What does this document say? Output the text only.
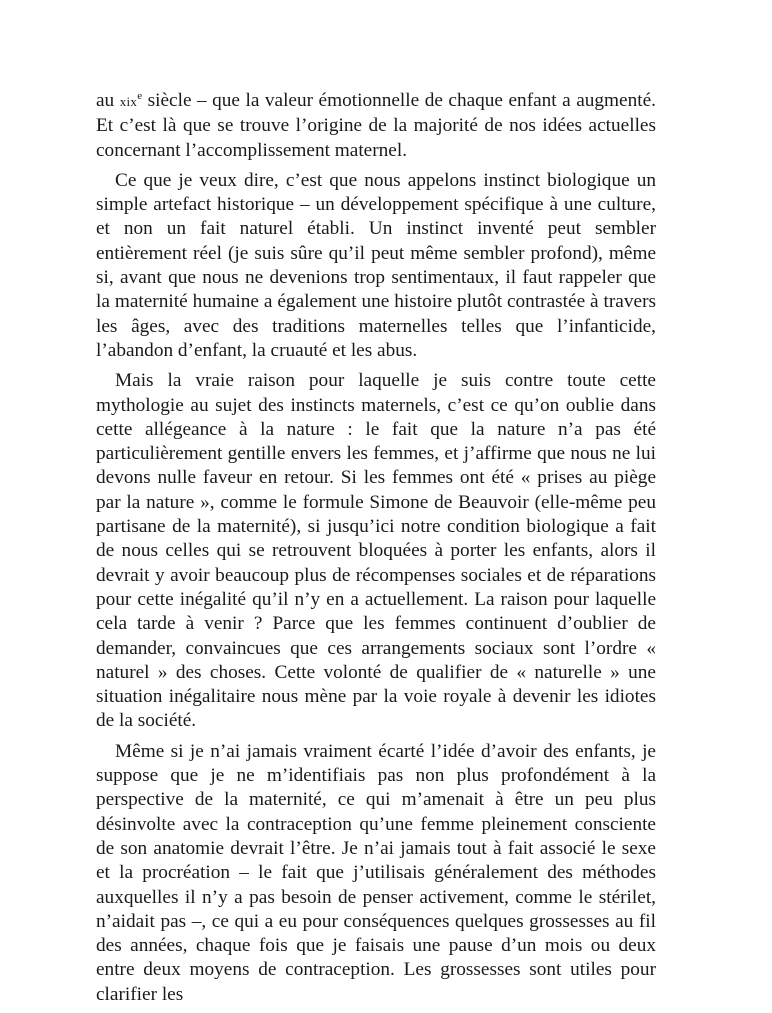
au xix$^e$ siècle – que la valeur émotionnelle de chaque enfant a augmenté. Et c’est là que se trouve l’origine de la majorité de nos idées actuelles concernant l’accomplissement maternel.

Ce que je veux dire, c’est que nous appelons instinct biologique un simple artefact historique – un développement spécifique à une culture, et non un fait naturel établi. Un instinct inventé peut sembler entièrement réel (je suis sûre qu’il peut même sembler profond), même si, avant que nous ne devenions trop sentimentaux, il faut rappeler que la maternité humaine a également une histoire plutôt contrastée à travers les âges, avec des traditions maternelles telles que l’infanticide, l’abandon d’enfant, la cruauté et les abus.

Mais la vraie raison pour laquelle je suis contre toute cette mythologie au sujet des instincts maternels, c’est ce qu’on oublie dans cette allégeance à la nature : le fait que la nature n’a pas été particulièrement gentille envers les femmes, et j’affirme que nous ne lui devons nulle faveur en retour. Si les femmes ont été « prises au piège par la nature », comme le formule Simone de Beauvoir (elle-même peu partisane de la maternité), si jusqu’ici notre condition biologique a fait de nous celles qui se retrouvent bloquées à porter les enfants, alors il devrait y avoir beaucoup plus de récompenses sociales et de réparations pour cette inégalité qu’il n’y en a actuellement. La raison pour laquelle cela tarde à venir ? Parce que les femmes continuent d’oublier de demander, convaincues que ces arrangements sociaux sont l’ordre « naturel » des choses. Cette volonté de qualifier de « naturelle » une situation inégalitaire nous mène par la voie royale à devenir les idiotes de la société.

Même si je n’ai jamais vraiment écarté l’idée d’avoir des enfants, je suppose que je ne m’identifiais pas non plus profondément à la perspective de la maternité, ce qui m’amenait à être un peu plus désinvolte avec la contraception qu’une femme pleinement consciente de son anatomie devrait l’être. Je n’ai jamais tout à fait associé le sexe et la procréation – le fait que j’utilisais généralement des méthodes auxquelles il n’y a pas besoin de penser activement, comme le stérilet, n’aidait pas –, ce qui a eu pour conséquences quelques grossesses au fil des années, chaque fois que je faisais une pause d’un mois ou deux entre deux moyens de contraception. Les grossesses sont utiles pour clarifier les
